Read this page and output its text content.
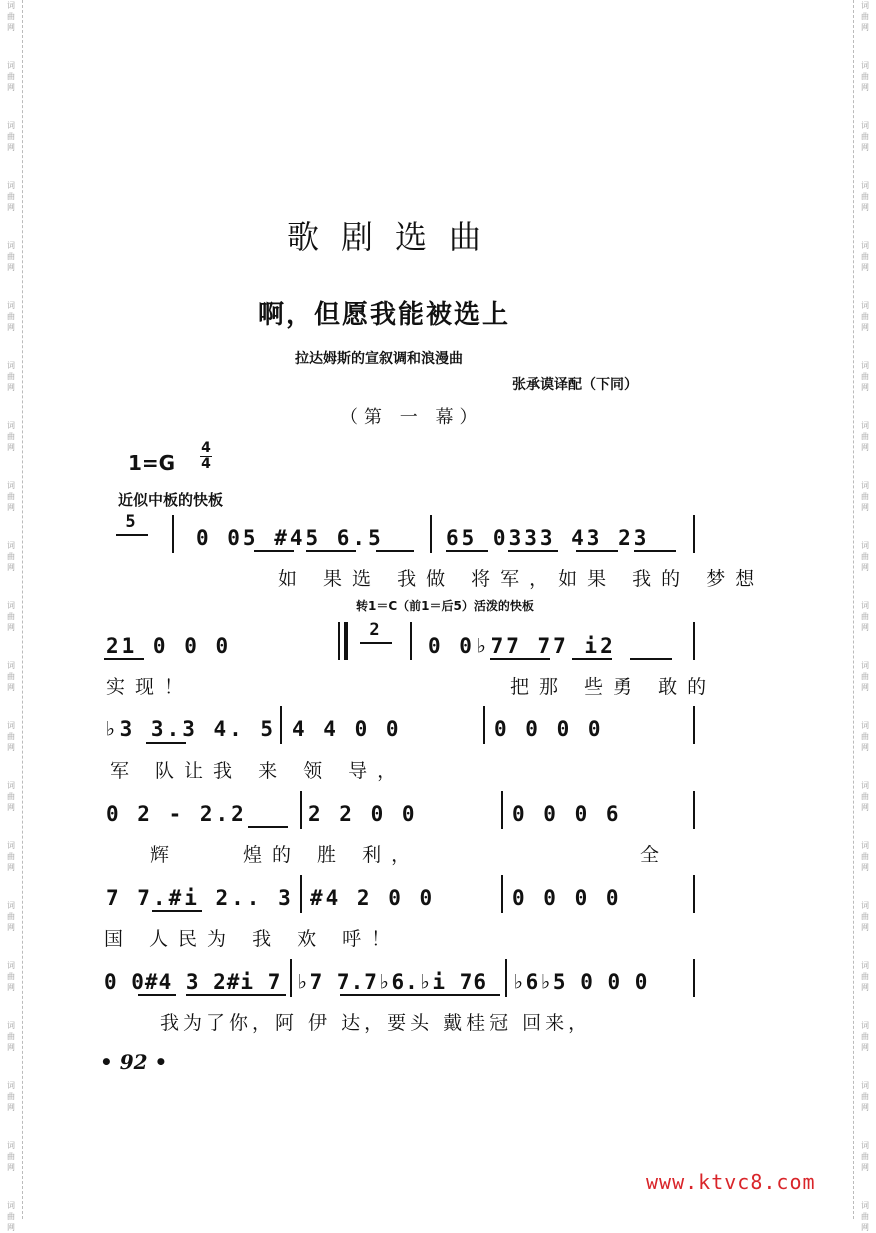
词
曲
网
词
曲
网
词
曲
网
词
曲
网
词
曲
网
词
曲
网
词
曲
网
词
曲
网
词
曲
网
词
曲
网
词
曲
网
词
曲
网
词
曲
网
词
曲
网
词
曲
网
词
曲
网
词
曲
网
词
曲
网
词
曲
网
词
曲
网
词
曲
网
词
曲
网
词
曲
网
词
曲
网
词
曲
网
词
曲
网
词
曲
网
词
曲
网
词
曲
网
词
曲
网
词
曲
网
词
曲
网
词
曲
网
词
曲
网
词
曲
网
词
曲
网
词
曲
网
词
曲
网
词
曲
网
词
曲
网
词
曲
网
词
曲
网
歌剧选曲
啊，但愿我能被选上
拉达姆斯的宣叙调和浪漫曲
张承谟译配（下同）
（第 一 幕）
1=G
4
4
近似中板的快板
5
0 05 #45 6.5	65 0333 43 23
如 果选 我做 将军，如果 我的 梦想
转1＝C（前1＝后5）活泼的快板
21 0 0 0
2
0 0♭77 77 i2
实现！	把那 些勇 敢的
♭3 3.3 4. 5 4 4 0 0	0 0 0 0
军 队让我 来 领 导，
0 2 - 2.2	2 2 0 0	0 0 0 6
辉	煌的 胜 利，	全
7 7.#i 2.. 3 #4 2 0 0	0 0 0 0
国 人民为 我 欢 呼！
0 0#4 3 2#i 7 ♭7 7.7♭6.♭i 76 ♭6♭5 0 0 0
我为了你，阿 伊 达，要头 戴桂冠 回来，
• 92 •
www.ktvc8.com
